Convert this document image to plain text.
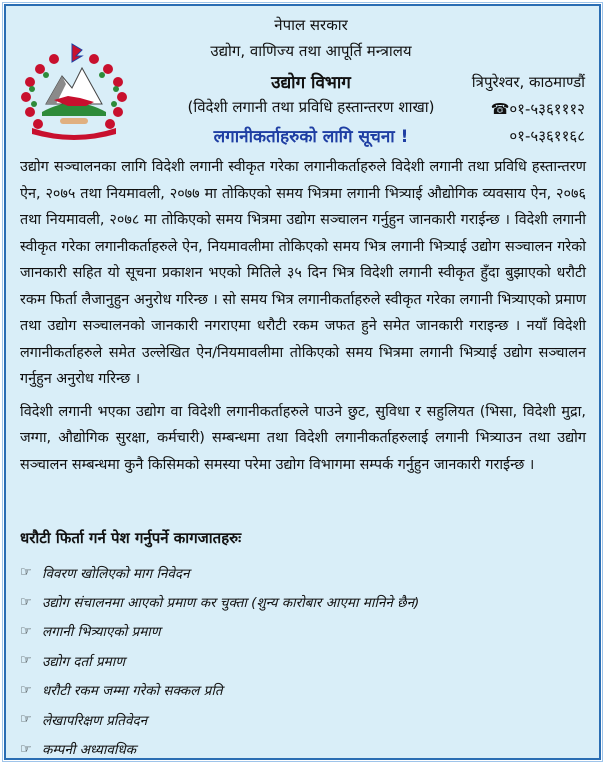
नेपाल सरकार
उद्योग, वाणिज्य तथा आपूर्ति मन्त्रालय
उद्योग विभाग
(विदेशी लगानी तथा प्रविधि हस्तान्तरण शाखा)
लगानीकर्ताहरुको लागि सूचना !
त्रिपुरेश्वर, काठमाण्डौं
☎०१-५३६१११२
०१-५३६११६८

उद्योग सञ्चालनका लागि विदेशी लगानी स्वीकृत गरेका लगानीकर्ताहरुले विदेशी लगानी तथा प्रविधि हस्तान्तरण ऐन, २०७५ तथा नियमावली, २०७७ मा तोकिएको समय भित्रमा लगानी भित्र्याई औद्योगिक व्यवसाय ऐन, २०७६ तथा नियमावली, २०७८ मा तोकिएको समय भित्रमा उद्योग सञ्चालन गर्नुहुन जानकारी गराईन्छ । विदेशी लगानी स्वीकृत गरेका लगानीकर्ताहरुले ऐन, नियमावलीमा तोकिएको समय भित्र लगानी भित्र्याई उद्योग सञ्चालन गरेको जानकारी सहित यो सूचना प्रकाशन भएको मितिले ३५ दिन भित्र विदेशी लगानी स्वीकृत हुँदा बुझाएको धरौटी रकम फिर्ता लैजानुहुन अनुरोध गरिन्छ । सो समय भित्र लगानीकर्ताहरुले स्वीकृत गरेका लगानी भित्र्याएको प्रमाण तथा उद्योग सञ्चालनको जानकारी नगराएमा धरौटी रकम जफत हुने समेत जानकारी गराइन्छ । नयाँ विदेशी लगानीकर्ताहरुले समेत उल्लेखित ऐन/नियमावलीमा तोकिएको समय भित्रमा लगानी भित्र्याई उद्योग सञ्चालन गर्नुहुन अनुरोध गरिन्छ ।

विदेशी लगानी भएका उद्योग वा विदेशी लगानीकर्ताहरुले पाउने छुट, सुविधा र सहुलियत (भिसा, विदेशी मुद्रा, जग्गा, औद्योगिक सुरक्षा, कर्मचारी) सम्बन्धमा तथा विदेशी लगानीकर्ताहरुलाई लगानी भित्र्याउन तथा उद्योग सञ्चालन सम्बन्धमा कुनै किसिमको समस्या परेमा उद्योग विभागमा सम्पर्क गर्नुहुन जानकारी गराईन्छ ।

धरौटी फिर्ता गर्न पेश गर्नुपर्ने कागजातहरुः
☞ विवरण खोलिएको माग निवेदन
☞ उद्योग संचालनमा आएको प्रमाण कर चुक्ता (शुन्य कारोबार आएमा मानिने छैन)
☞ लगानी भित्र्याएको प्रमाण
☞ उद्योग दर्ता प्रमाण
☞ धरौटी रकम जम्मा गरेको सक्कल प्रति
☞ लेखापरिक्षण प्रतिवेदन
☞ कम्पनी अध्यावधिक
